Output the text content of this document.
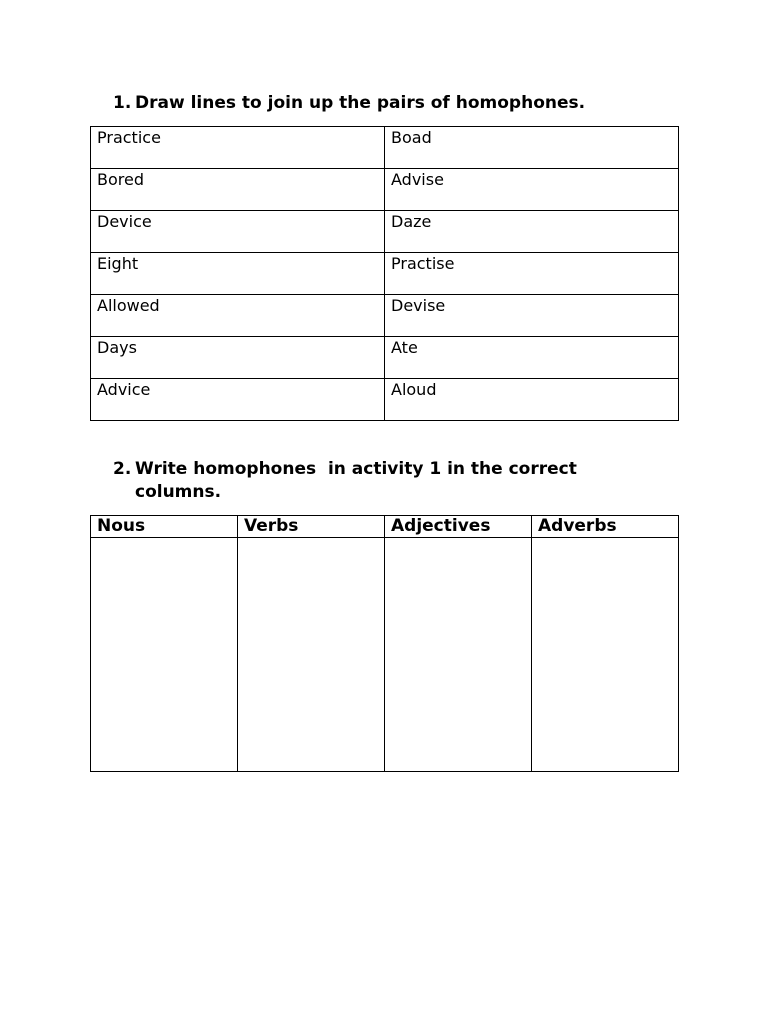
1. Draw lines to join up the pairs of homophones.
Practice	Boad
Bored	Advise
Device	Daze
Eight	Practise
Allowed	Devise
Days	Ate
Advice	Aloud
2. Write homophones  in activity 1 in the correct columns.
Nous	Verbs	Adjectives	Adverbs
